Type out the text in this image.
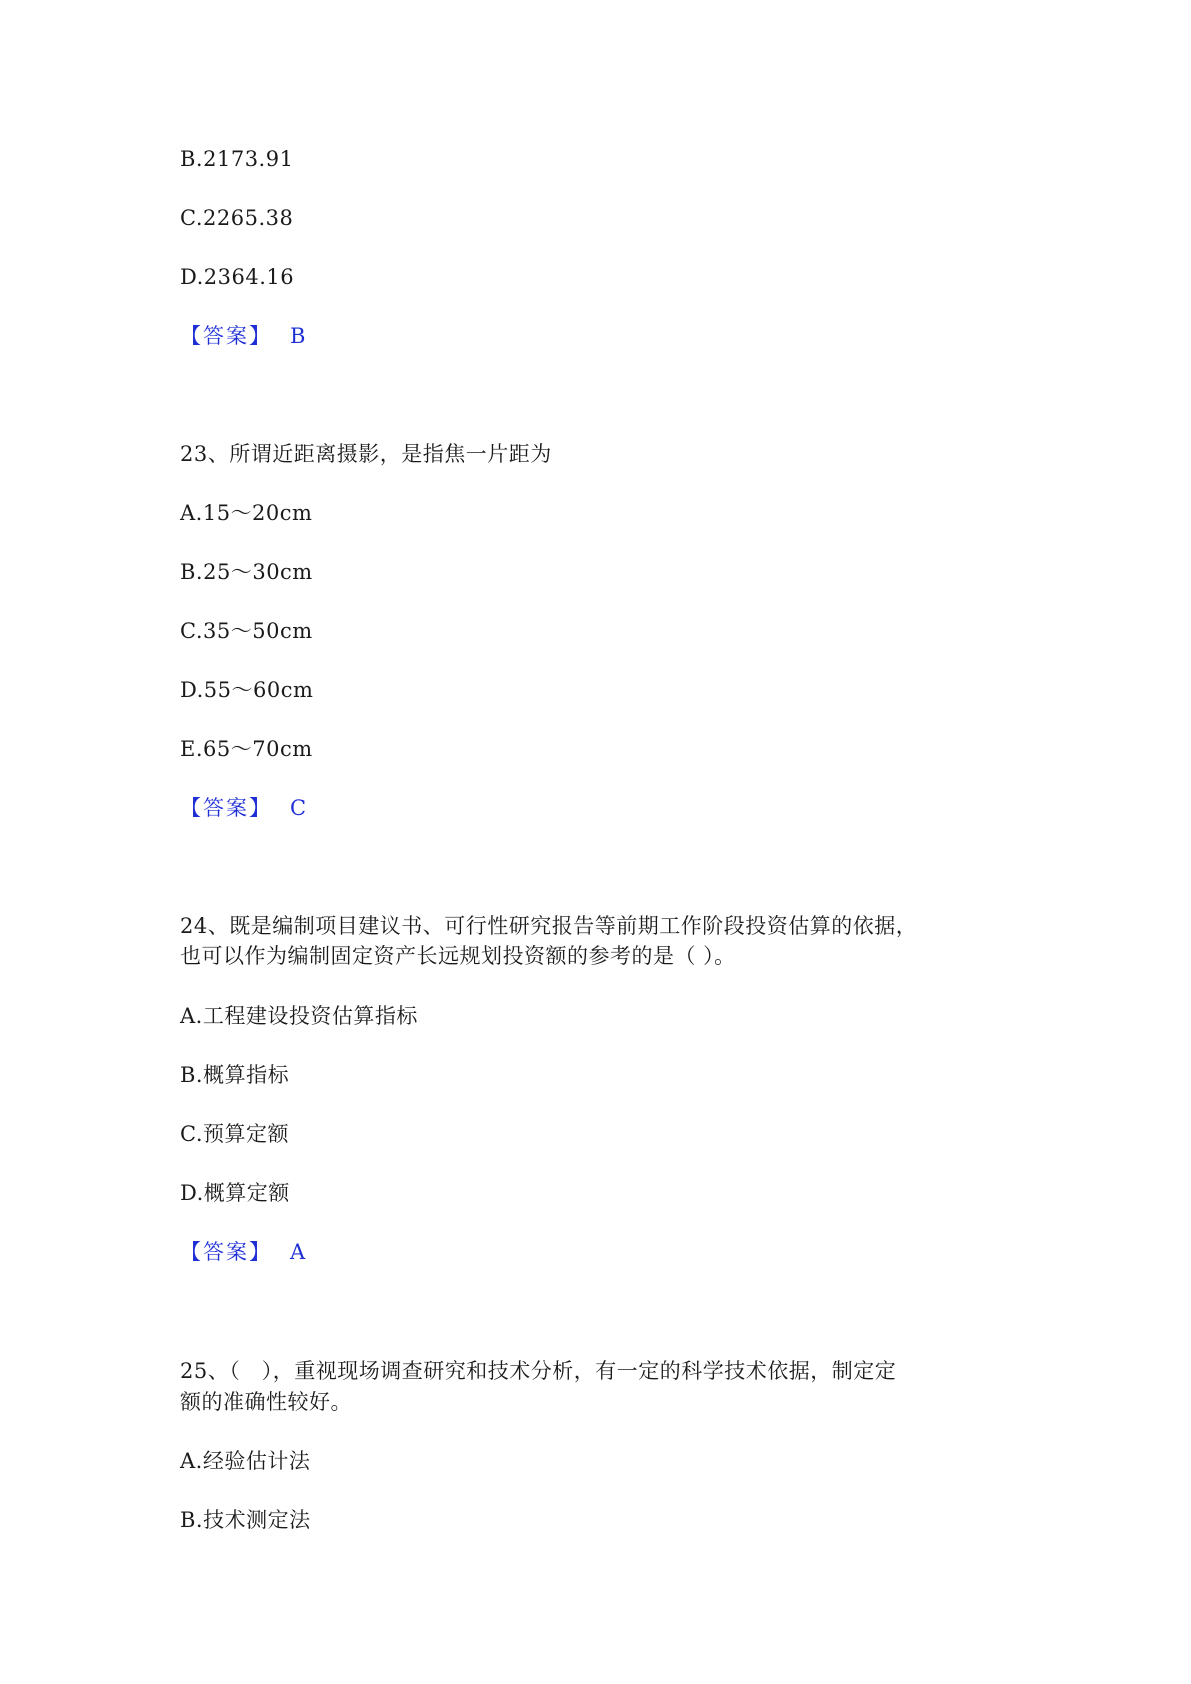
B.2173.91
C.2265.38
D.2364.16
【答案】 B
23、所谓近距离摄影，是指焦一片距为
A.15～20cm
B.25～30cm
C.35～50cm
D.55～60cm
E.65～70cm
【答案】 C
24、既是编制项目建议书、可行性研究报告等前期工作阶段投资估算的依据，
也可以作为编制固定资产长远规划投资额的参考的是（ ）。
A.工程建设投资估算指标
B.概算指标
C.预算定额
D.概算定额
【答案】 A
25、（　），重视现场调查研究和技术分析，有一定的科学技术依据，制定定
额的准确性较好。
A.经验估计法
B.技术测定法
